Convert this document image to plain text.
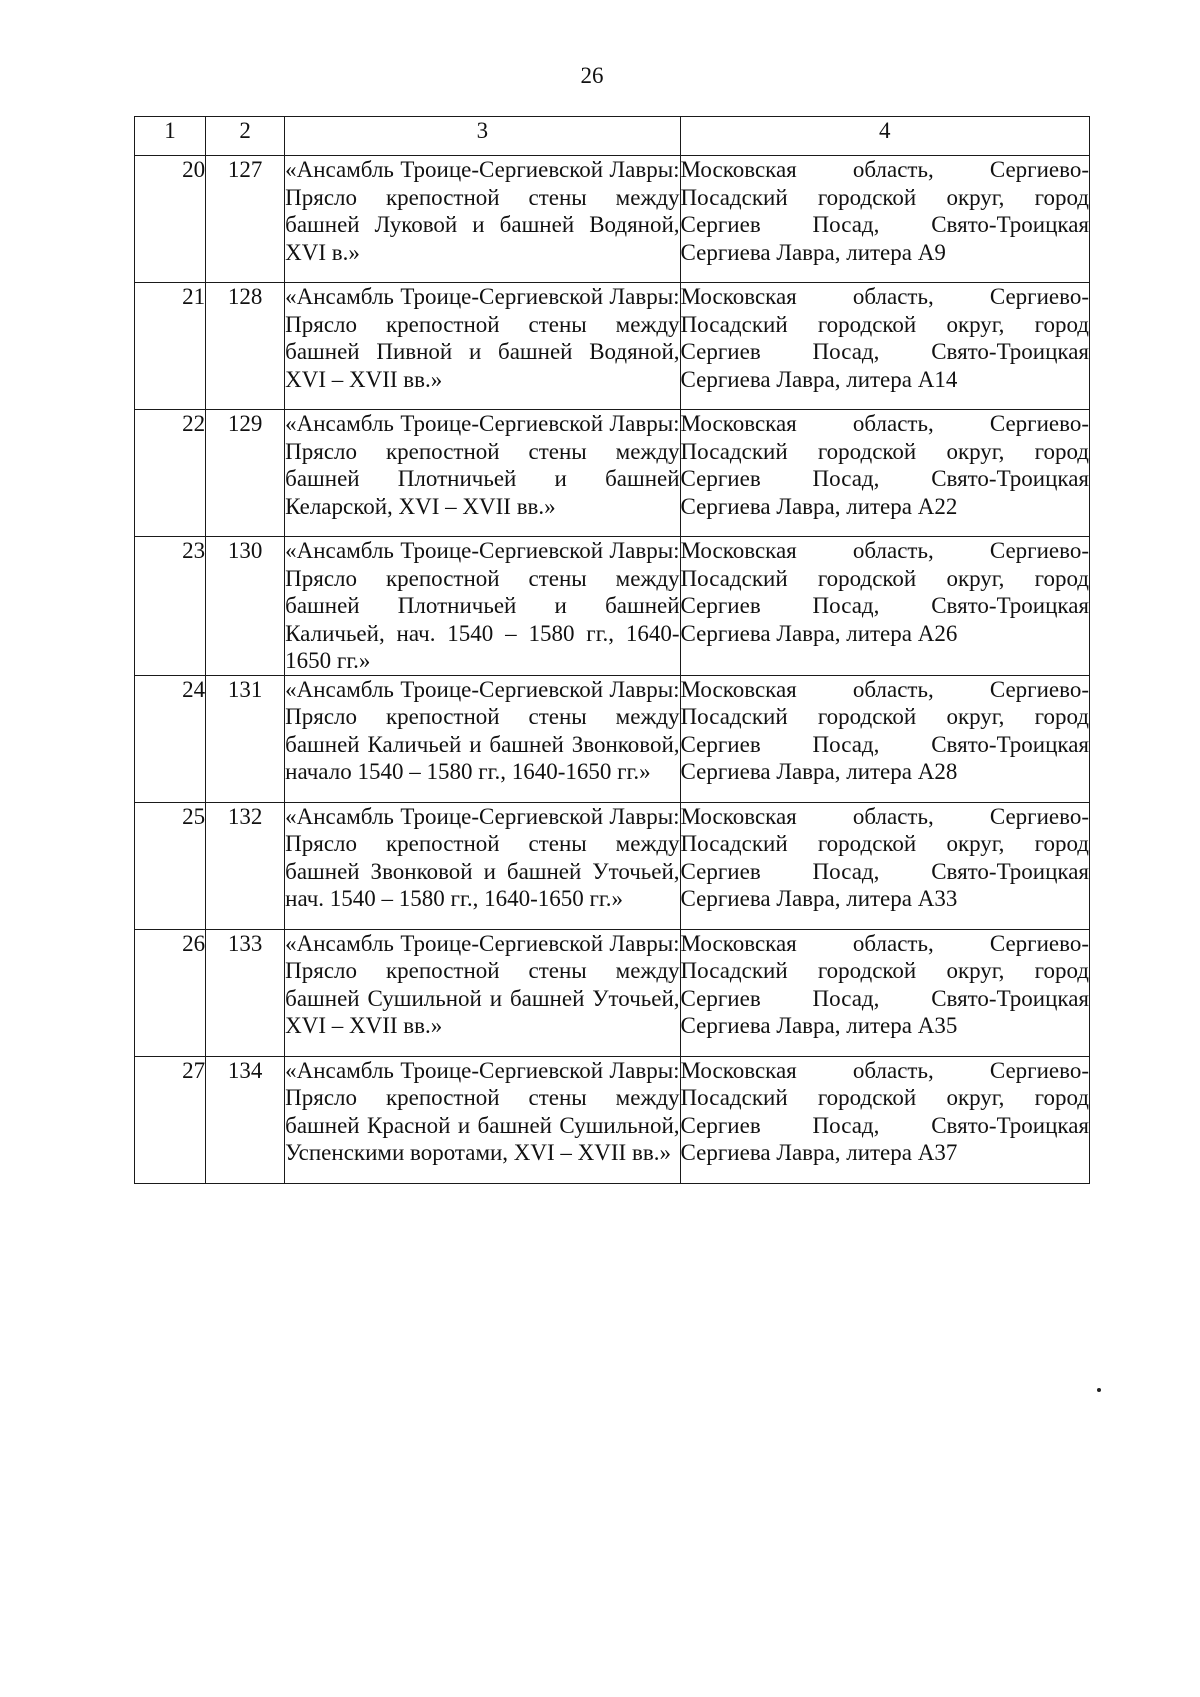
26
1	2	3	4
20	127	«Ансамбль Троице-Сергиевской Лавры: Прясло крепостной стены между башней Луковой и башней Водяной, XVI в.»	Московская область, Сергиево-Посадский городской округ, город Сергиев Посад, Свято-Троицкая Сергиева Лавра, литера А9
21	128	«Ансамбль Троице-Сергиевской Лавры: Прясло крепостной стены между башней Пивной и башней Водяной, XVI – XVII вв.»	Московская область, Сергиево-Посадский городской округ, город Сергиев Посад, Свято-Троицкая Сергиева Лавра, литера А14
22	129	«Ансамбль Троице-Сергиевской Лавры: Прясло крепостной стены между башней Плотничьей и башней Келарской, XVI – XVII вв.»	Московская область, Сергиево-Посадский городской округ, город Сергиев Посад, Свято-Троицкая Сергиева Лавра, литера А22
23	130	«Ансамбль Троице-Сергиевской Лавры: Прясло крепостной стены между башней Плотничьей и башней Каличьей, нач. 1540 – 1580 гг., 1640-1650 гг.»	Московская область, Сергиево-Посадский городской округ, город Сергиев Посад, Свято-Троицкая Сергиева Лавра, литера А26
24	131	«Ансамбль Троице-Сергиевской Лавры: Прясло крепостной стены между башней Каличьей и башней Звонковой, начало 1540 – 1580 гг., 1640-1650 гг.»	Московская область, Сергиево-Посадский городской округ, город Сергиев Посад, Свято-Троицкая Сергиева Лавра, литера А28
25	132	«Ансамбль Троице-Сергиевской Лавры: Прясло крепостной стены между башней Звонковой и башней Уточьей, нач. 1540 – 1580 гг., 1640-1650 гг.»	Московская область, Сергиево-Посадский городской округ, город Сергиев Посад, Свято-Троицкая Сергиева Лавра, литера А33
26	133	«Ансамбль Троице-Сергиевской Лавры: Прясло крепостной стены между башней Сушильной и башней Уточьей, XVI – XVII вв.»	Московская область, Сергиево-Посадский городской округ, город Сергиев Посад, Свято-Троицкая Сергиева Лавра, литера А35
27	134	«Ансамбль Троице-Сергиевской Лавры: Прясло крепостной стены между башней Красной и башней Сушильной, Успенскими воротами, XVI – XVII вв.»	Московская область, Сергиево-Посадский городской округ, город Сергиев Посад, Свято-Троицкая Сергиева Лавра, литера А37
